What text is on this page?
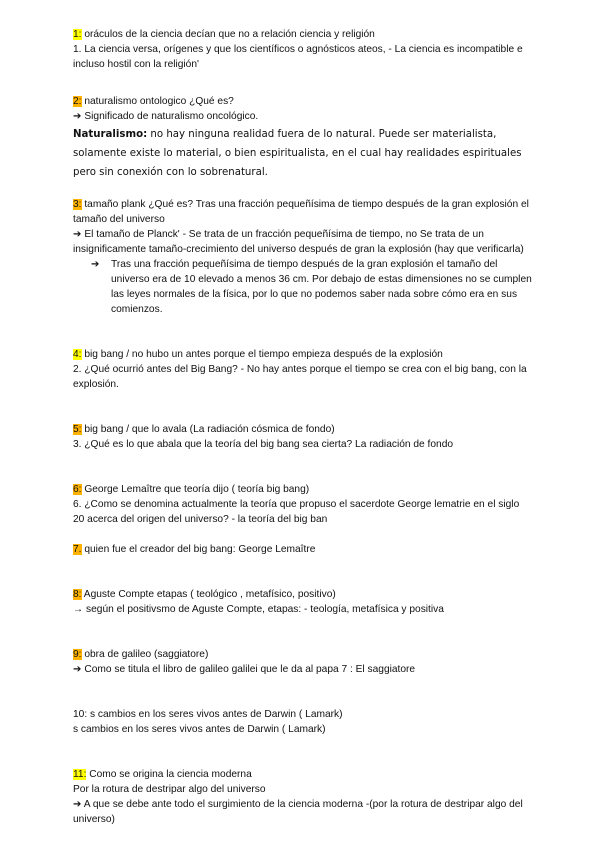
1: oráculos de la ciencia decían que no a relación ciencia y religión
1. La ciencia versa, orígenes y que los científicos o agnósticos ateos, - La ciencia es incompatible e incluso hostil con la religión'
2: naturalismo ontologico ¿Qué es?
➔ Significado de naturalismo oncológico.
Naturalismo: no hay ninguna realidad fuera de lo natural. Puede ser materialista, solamente existe lo material, o bien espiritualista, en el cual hay realidades espirituales pero sin conexión con lo sobrenatural.
3: tamaño plank ¿Qué es? Tras una fracción pequeñísima de tiempo después de la gran explosión el tamaño del universo
➔ El tamaño de Planck' - Se trata de un fracción pequeñísima de tiempo, no Se trata de un insignificamente tamaño-crecimiento del universo después de gran la explosión (hay que verificarla)
➔ Tras una fracción pequeñísima de tiempo después de la gran explosión el tamaño del universo era de 10 elevado a menos 36 cm. Por debajo de estas dimensiones no se cumplen las leyes normales de la física, por lo que no podemos saber nada sobre cómo era en sus comienzos.
4: big bang / no hubo un antes porque el tiempo empieza después de la explosión
2. ¿Qué ocurrió antes del Big Bang? - No hay antes porque el tiempo se crea con el big bang, con la explosión.
5: big bang / que lo avala (La radiación cósmica de fondo)
3. ¿Qué es lo que abala que la teoría del big bang sea cierta? La radiación de fondo
6: George Lemaître que teoría dijo ( teoría big bang)
6. ¿Como se denomina actualmente la teoría que propuso el sacerdote George lematrie en el siglo 20 acerca del origen del universo? - la teoría del big ban
7. quien fue el creador del big bang: George Lemaître
8: Aguste Compte etapas ( teológico , metafísico, positivo)
→ según el positivsmo de Aguste Compte, etapas: - teología, metafísica y positiva
9: obra de galileo (saggiatore)
➔ Como se titula el libro de galileo galilei que le da al papa 7 : El saggiatore
10: s cambios en los seres vivos antes de Darwin ( Lamark)
s cambios en los seres vivos antes de Darwin ( Lamark)
11: Como se origina la ciencia moderna
Por la rotura de destripar algo del universo
➔ A que se debe ante todo el surgimiento de la ciencia moderna -(por la rotura de destripar algo del universo)
